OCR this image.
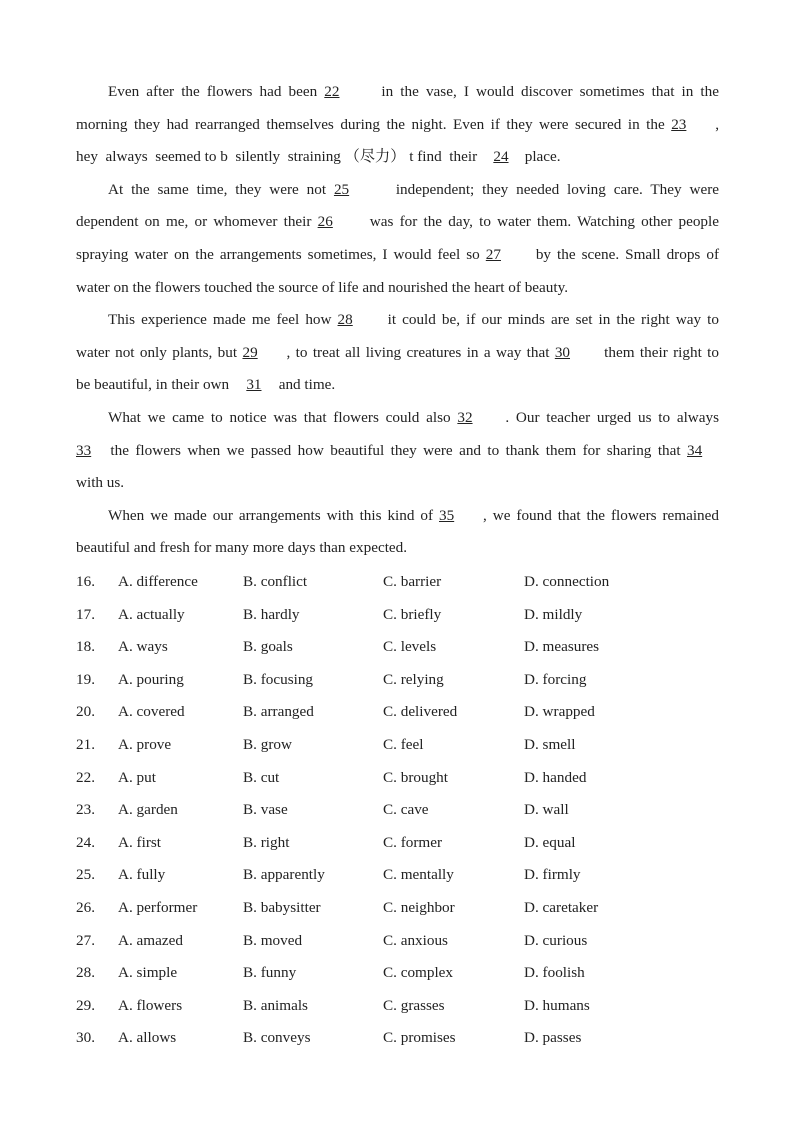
Even after the flowers had been 22 in the vase, I would discover sometimes that in the
morning they had rearranged themselves during the night. Even if they were secured in the 23 ,
hey  always  seemed to b  silently  straining （尽力） t find  their 24 place.
At the same time, they were not 25	independent; they needed loving care. They were
dependent on me, or whomever their 26 was for the day, to water them. Watching other people
spraying water on the arrangements sometimes, I would feel so 27 by the scene. Small drops of
water on the flowers touched the source of life and nourished the heart of beauty.
This experience made me feel how 28 it could be, if our minds are set in the right way to
water not only plants, but 29 , to treat all living creatures in a way that 30 them their right to
be beautiful, in their own 31 and time.
What we came to notice was that flowers could also 32 . Our teacher urged us to always
33 the flowers when we passed how beautiful they were and to thank them for sharing that 34
with us.
When we made our arrangements with this kind of 35 , we found that the flowers remained
beautiful and fresh for many more days than expected.
16. A. difference	B. conflict	C. barrier	D. connection
17. A. actually	B. hardly	C. briefly	D. mildly
18. A. ways	B. goals	C. levels	D. measures
19. A. pouring	B. focusing	C. relying	D. forcing
20. A. covered	B. arranged	C. delivered	D. wrapped
21. A. prove	B. grow	C. feel	D. smell
22. A. put	B. cut	C. brought	D. handed
23. A. garden	B. vase	C. cave	D. wall
24. A. first	B. right	C. former	D. equal
25. A. fully	B. apparently	C. mentally	D. firmly
26. A. performer	B. babysitter	C. neighbor	D. caretaker
27. A. amazed	B. moved	C. anxious	D. curious
28. A. simple	B. funny	C. complex	D. foolish
29. A. flowers	B. animals	C. grasses	D. humans
30. A. allows	B. conveys	C. promises	D. passes
